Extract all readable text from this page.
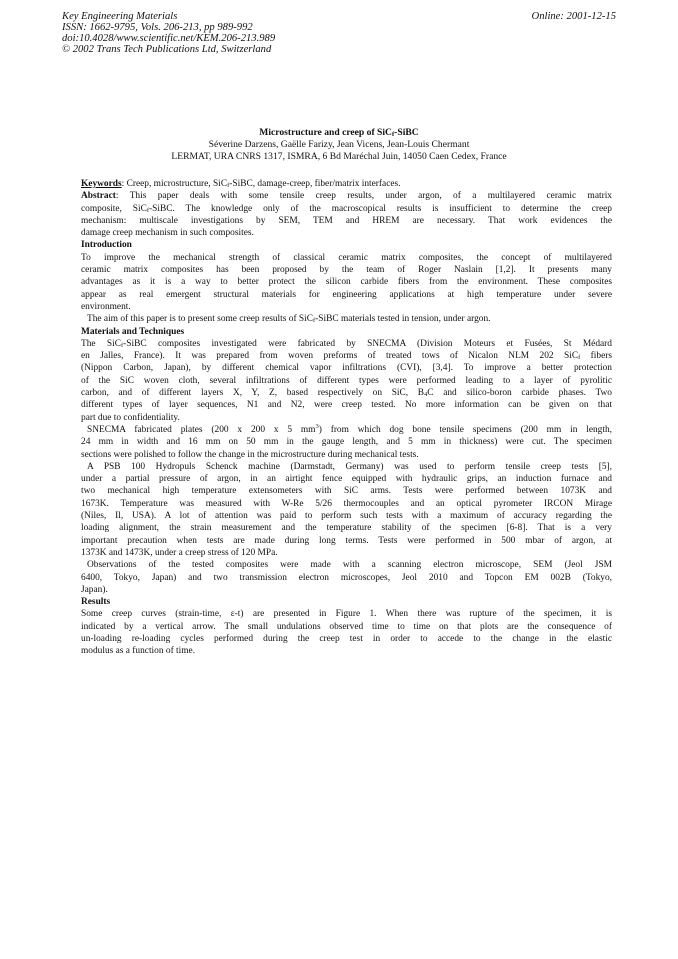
Key Engineering Materials
ISSN: 1662-9795, Vols. 206-213, pp 989-992
doi:10.4028/www.scientific.net/KEM.206-213.989
© 2002 Trans Tech Publications Ltd, Switzerland
Online: 2001-12-15
Microstructure and creep of SiC$_f$-SiBC
Séverine Darzens, Gaëlle Farizy, Jean Vicens, Jean-Louis Chermant
LERMAT, URA CNRS 1317, ISMRA, 6 Bd Maréchal Juin, 14050 Caen Cedex, France
Keywords: Creep, microstructure, SiC$_f$-SiBC, damage-creep, fiber/matrix interfaces.
Abstract: This paper deals with some tensile creep results, under argon, of a multilayered ceramic matrix
composite, SiC$_f$-SiBC. The knowledge only of the macroscopical results is insufficient to determine the creep
mechanism: multiscale investigations by SEM, TEM and HREM are necessary. That work evidences the
damage creep mechanism in such composites.
Introduction
To improve the mechanical strength of classical ceramic matrix composites, the concept of multilayered
ceramic matrix composites has been proposed by the team of Roger Naslain [1,2]. It presents many
advantages as it is a way to better protect the silicon carbide fibers from the environment. These composites
appear as real emergent structural materials for engineering applications at high temperature under severe
environment.
The aim of this paper is to present some creep results of SiC$_f$-SiBC materials tested in tension, under argon.
Materials and Techniques
The SiC$_f$-SiBC composites investigated were fabricated by SNECMA (Division Moteurs et Fusées, St Médard
en Jalles, France). It was prepared from woven preforms of treated tows of Nicalon NLM 202 SiC$_f$ fibers
(Nippon Carbon, Japan), by different chemical vapor infiltrations (CVI), [3,4]. To improve a better protection
of the SiC woven cloth, several infiltrations of different types were performed leading to a layer of pyrolitic
carbon, and of different layers X, Y, Z, based respectively on SiC, $B_4C$ and silico-boron carbide phases. Two
different types of layer sequences, N1 and N2, were creep tested. No more information can be given on that
part due to confidentiality.
SNECMA fabricated plates (200 x 200 x 5 $mm^3$) from which dog bone tensile specimens (200 mm in length,
24 mm in width and 16 mm on 50 mm in the gauge length, and 5 mm in thickness) were cut. The specimen
sections were polished to follow the change in the microstructure during mechanical tests.
A PSB 100 Hydropuls Schenck machine (Darmstadt, Germany) was used to perform tensile creep tests [5],
under a partial pressure of argon, in an airtight fence equipped with hydraulic grips, an induction furnace and
two mechanical high temperature extensometers with SiC arms. Tests were performed between 1073K and
1673K. Temperature was measured with W-Re 5/26 thermocouples and an optical pyrometer IRCON Mirage
(Niles, Il, USA). A lot of attention was paid to perform such tests with a maximum of accuracy regarding the
loading alignment, the strain measurement and the temperature stability of the specimen [6-8]. That is a very
important precaution when tests are made during long terms. Tests were performed in 500 mbar of argon, at
1373K and 1473K, under a creep stress of 120 MPa.
Observations of the tested composites were made with a scanning electron microscope, SEM (Jeol JSM
6400, Tokyo, Japan) and two transmission electron microscopes, Jeol 2010 and Topcon EM 002B (Tokyo,
Japan).
Results
Some creep curves (strain-time, ε-t) are presented in Figure 1. When there was rupture of the specimen, it is
indicated by a vertical arrow. The small undulations observed time to time on that plots are the consequence of
un-loading re-loading cycles performed during the creep test in order to accede to the change in the elastic
modulus as a function of time.
